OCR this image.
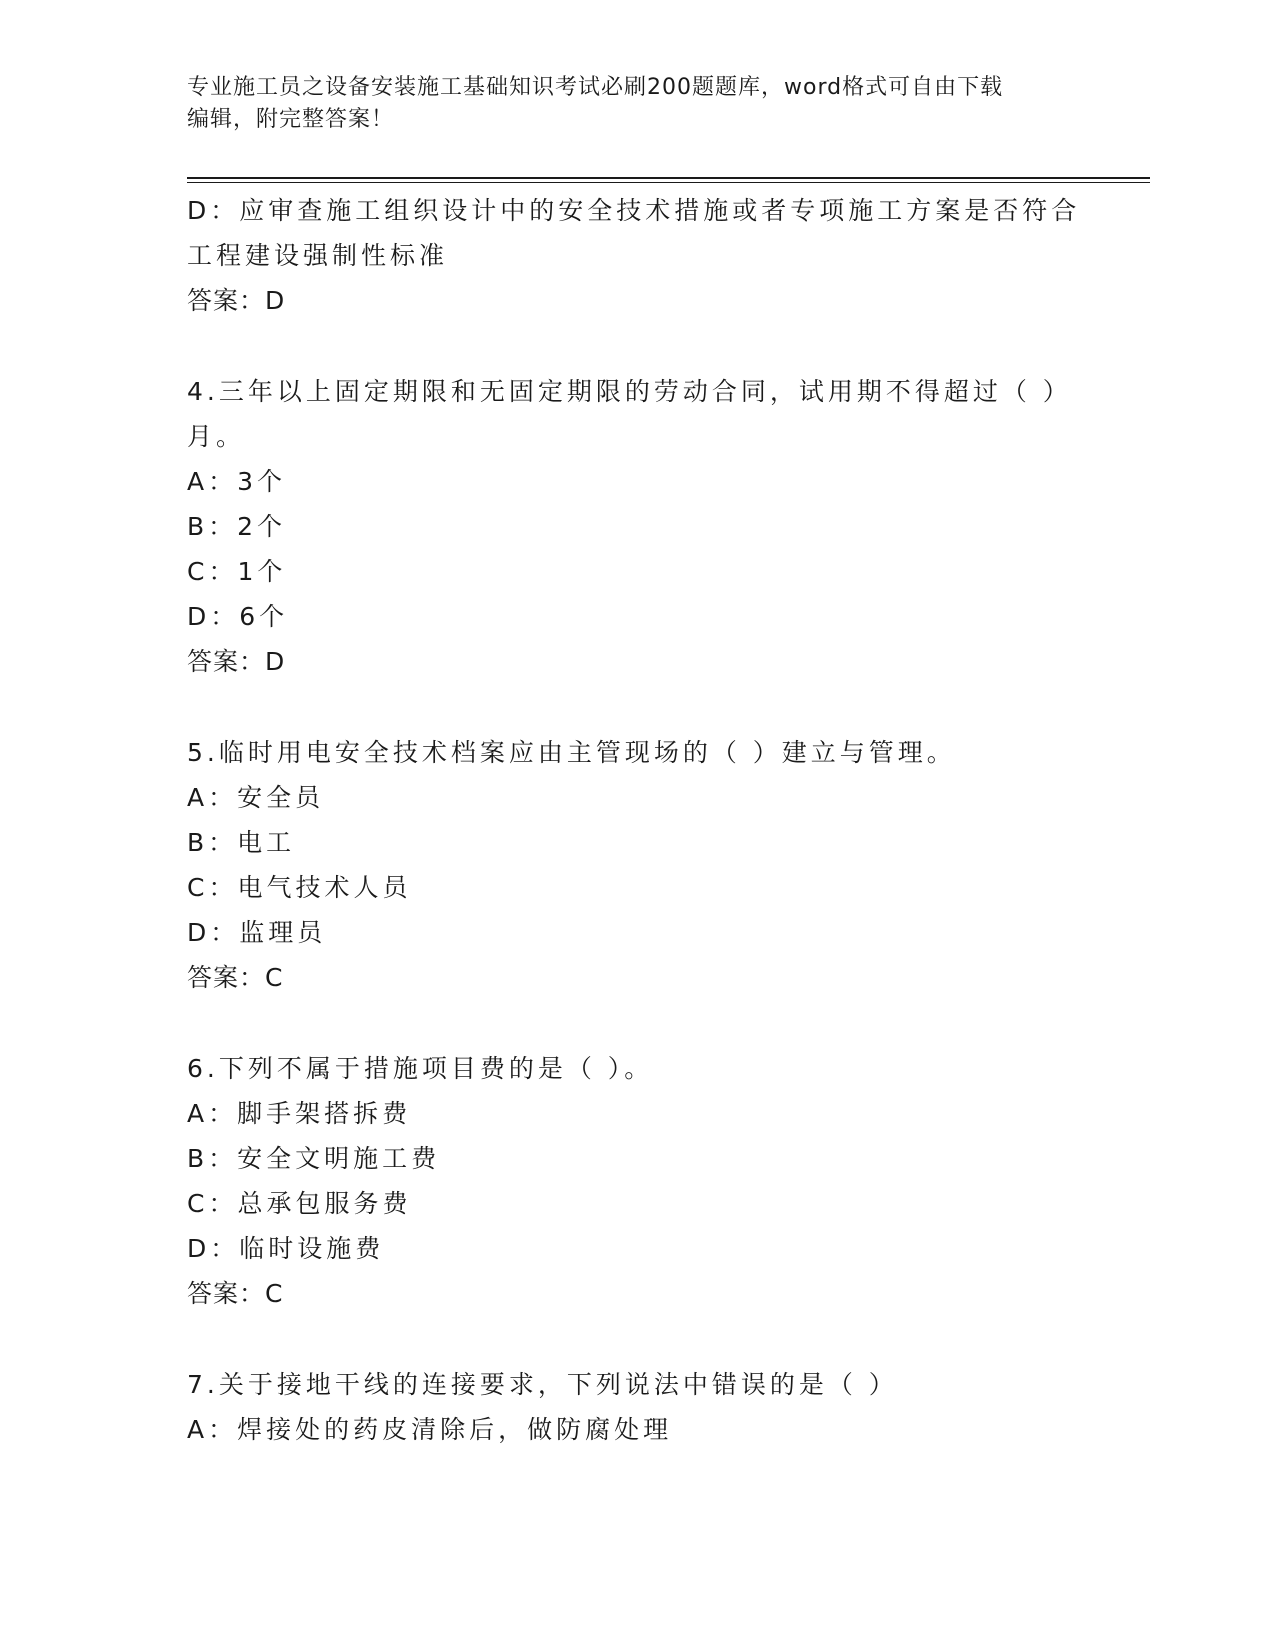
专业施工员之设备安装施工基础知识考试必刷200题题库，word格式可自由下载
编辑，附完整答案！
D：应审查施工组织设计中的安全技术措施或者专项施工方案是否符合
工程建设强制性标准
答案：D
4.三年以上固定期限和无固定期限的劳动合同，试用期不得超过（ ）
月。
A：3个
B：2个
C：1个
D：6个
答案：D
5.临时用电安全技术档案应由主管现场的（ ）建立与管理。
A：安全员
B：电工
C：电气技术人员
D：监理员
答案：C
6.下列不属于措施项目费的是（ ）。
A：脚手架搭拆费
B：安全文明施工费
C：总承包服务费
D：临时设施费
答案：C
7.关于接地干线的连接要求，下列说法中错误的是（ ）
A：焊接处的药皮清除后，做防腐处理
